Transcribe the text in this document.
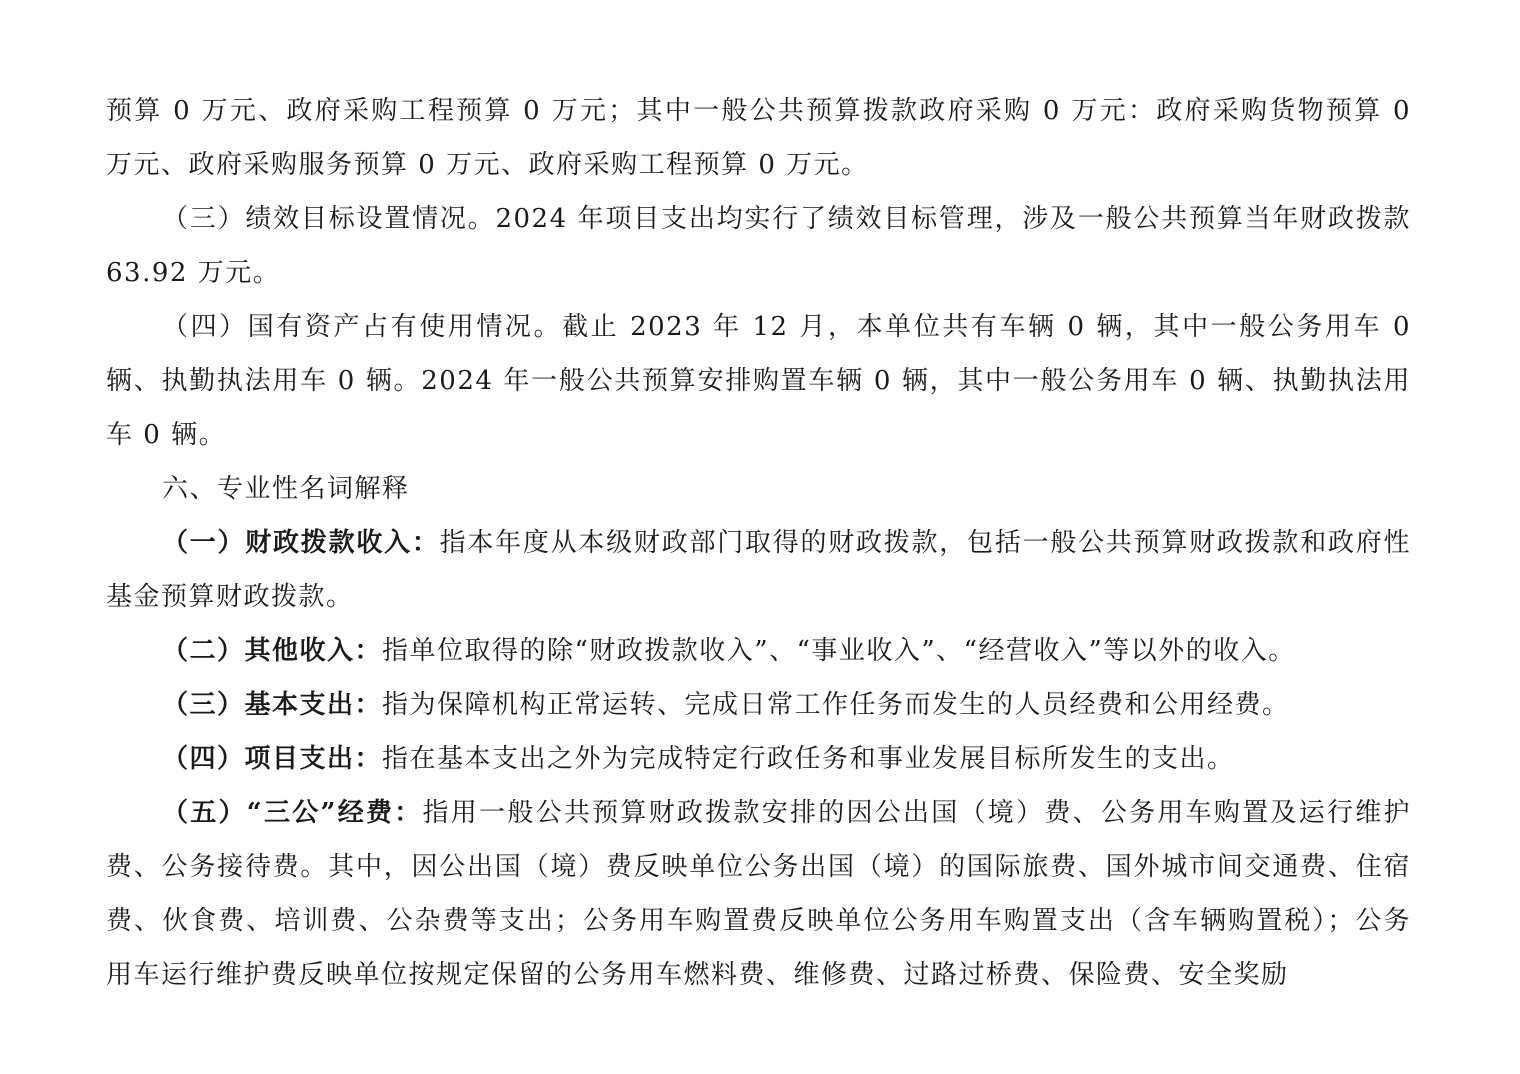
预算 0 万元、政府采购工程预算 0 万元；其中一般公共预算拨款政府采购 0 万元：政府采购货物预算 0 万元、政府采购服务预算 0 万元、政府采购工程预算 0 万元。

（三）绩效目标设置情况。2024 年项目支出均实行了绩效目标管理，涉及一般公共预算当年财政拨款 63.92 万元。

（四）国有资产占有使用情况。截止 2023 年 12 月，本单位共有车辆 0 辆，其中一般公务用车 0 辆、执勤执法用车 0 辆。2024 年一般公共预算安排购置车辆 0 辆，其中一般公务用车 0 辆、执勤执法用车 0 辆。

六、专业性名词解释

（一）财政拨款收入：指本年度从本级财政部门取得的财政拨款，包括一般公共预算财政拨款和政府性基金预算财政拨款。

（二）其他收入：指单位取得的除“财政拨款收入”、“事业收入”、“经营收入”等以外的收入。

（三）基本支出：指为保障机构正常运转、完成日常工作任务而发生的人员经费和公用经费。

（四）项目支出：指在基本支出之外为完成特定行政任务和事业发展目标所发生的支出。

（五）“三公”经费：指用一般公共预算财政拨款安排的因公出国（境）费、公务用车购置及运行维护费、公务接待费。其中，因公出国（境）费反映单位公务出国（境）的国际旅费、国外城市间交通费、住宿费、伙食费、培训费、公杂费等支出；公务用车购置费反映单位公务用车购置支出（含车辆购置税）；公务用车运行维护费反映单位按规定保留的公务用车燃料费、维修费、过路过桥费、保险费、安全奖励
